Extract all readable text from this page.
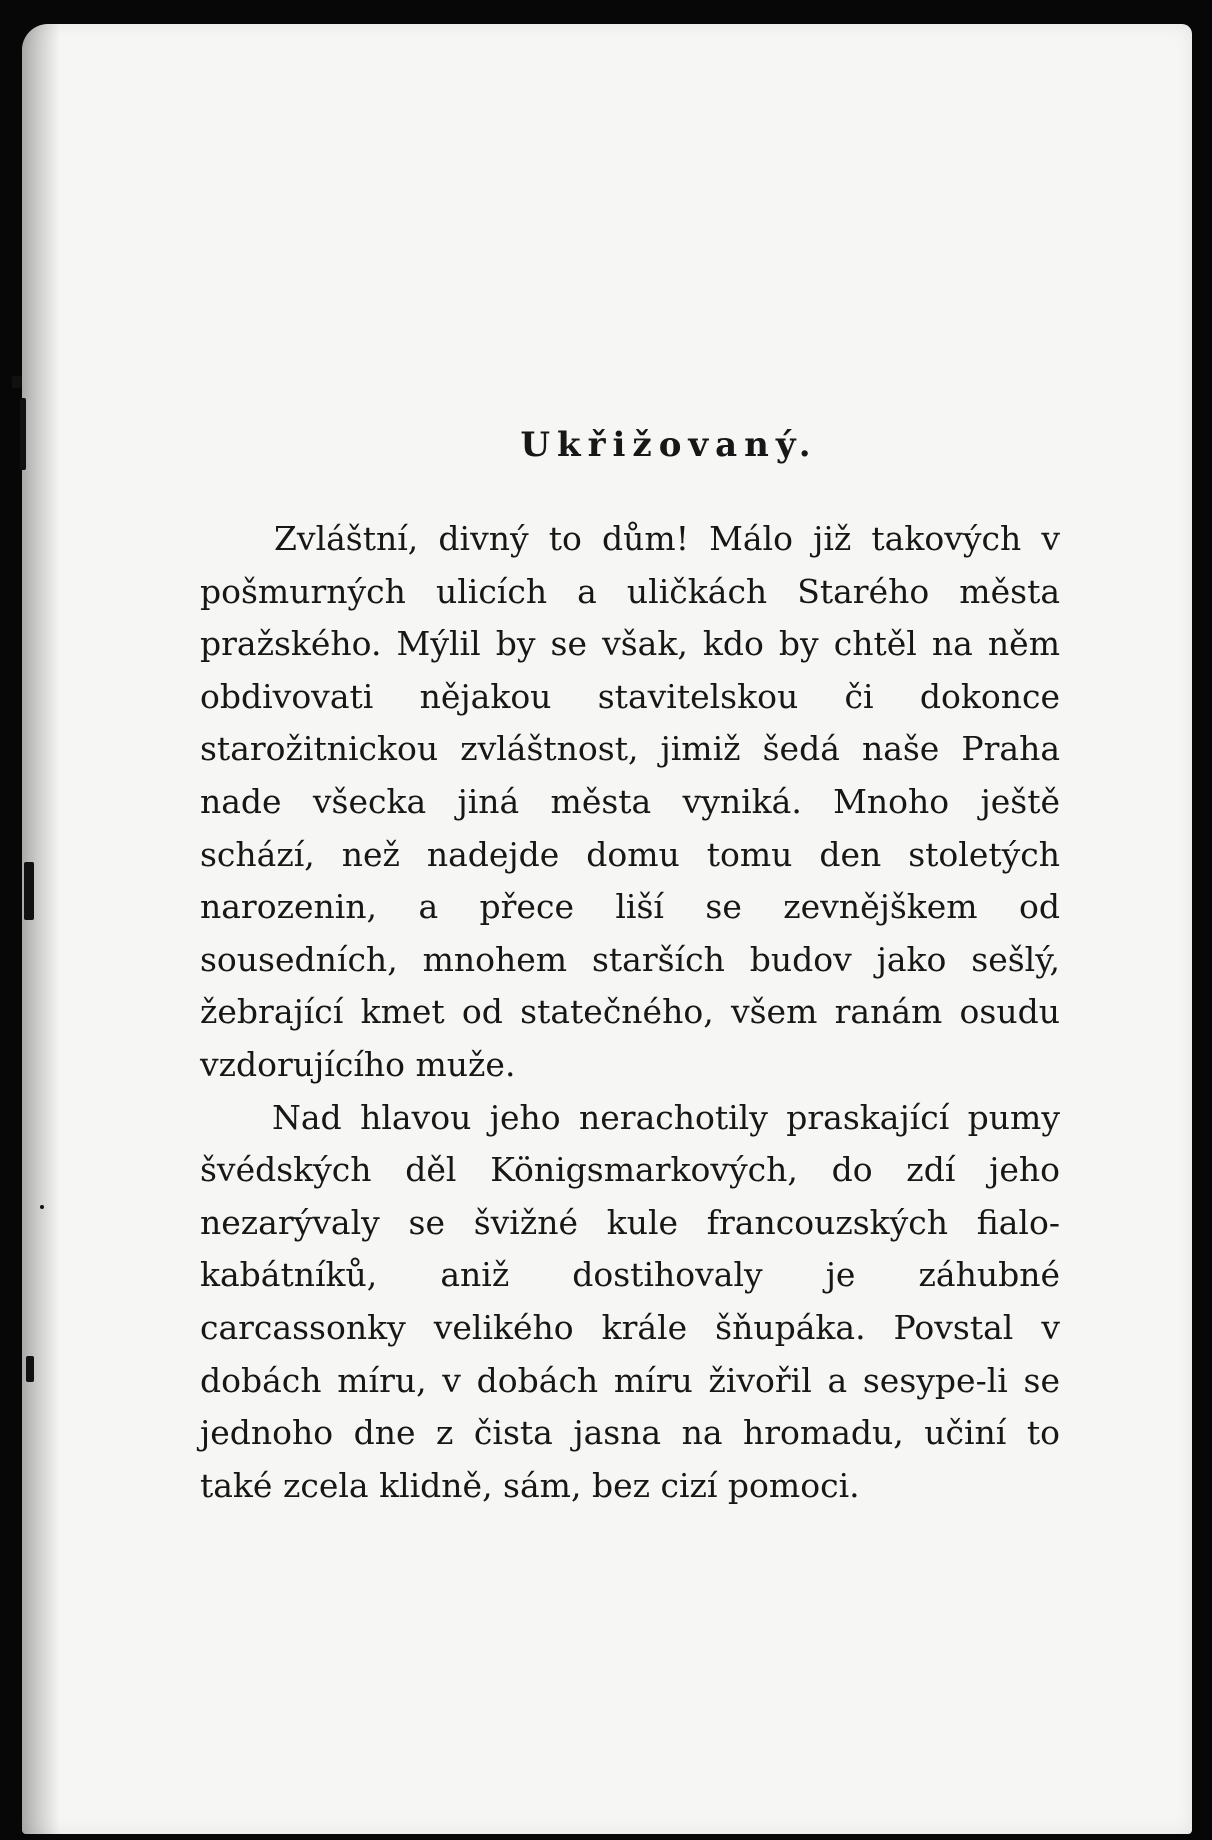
Ukřižovaný.

Zvláštní, divný to dům! Málo již takových v pošmurných ulicích a uličkách Starého města pražského. Mýlil by se však, kdo by chtěl na něm obdivovati nějakou stavitelskou či dokonce starožitnickou zvláštnost, jimiž šedá naše Praha nade všecka jiná města vyniká. Mnoho ještě schází, než nadejde domu tomu den stoletých narozenin, a přece liší se zevnějškem od sousedních, mnohem starších budov jako sešlý, žebrající kmet od statečného, všem ranám osudu vzdorujícího muže.

Nad hlavou jeho nerachotily praskající pumy švédských děl Königsmarkových, do zdí jeho nezarývaly se švižné kule francouzských fialo-kabátníků, aniž dostihovaly je záhubné carcassonky velikého krále šňupáka. Povstal v dobách míru, v dobách míru živořil a sesype-li se jednoho dne z čista jasna na hromadu, učiní to také zcela klidně, sám, bez cizí pomoci.
